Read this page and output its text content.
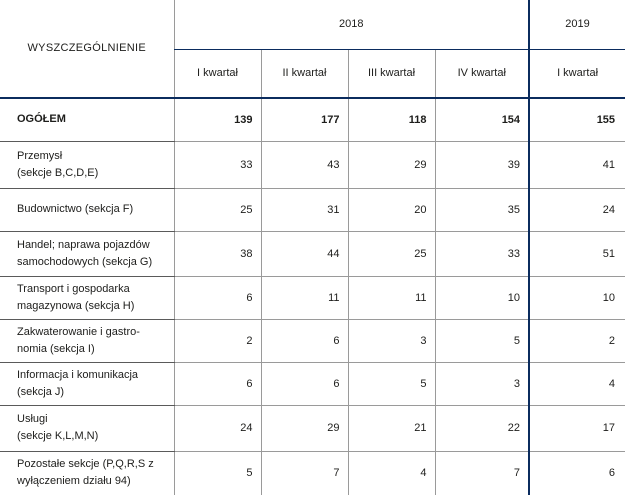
WYSZCZEGÓLNIENIE	2018				2019
	I kwartał	II kwartał	III kwartał	IV kwartał	I kwartał

OGÓŁEM	139	177	118	154	155
Przemysł
(sekcje B,C,D,E)	33	43	29	39	41
Budownictwo (sekcja F)	25	31	20	35	24
Handel; naprawa pojazdów
samochodowych (sekcja G)	38	44	25	33	51
Transport i gospodarka
magazynowa (sekcja H)	6	11	11	10	10
Zakwaterowanie i gastro-
nomia (sekcja I)	2	6	3	5	2
Informacja i komunikacja
(sekcja J)	6	6	5	3	4
Usługi
(sekcje K,L,M,N)	24	29	21	22	17
Pozostałe sekcje (P,Q,R,S z
wyłączeniem działu 94)	5	7	4	7	6
